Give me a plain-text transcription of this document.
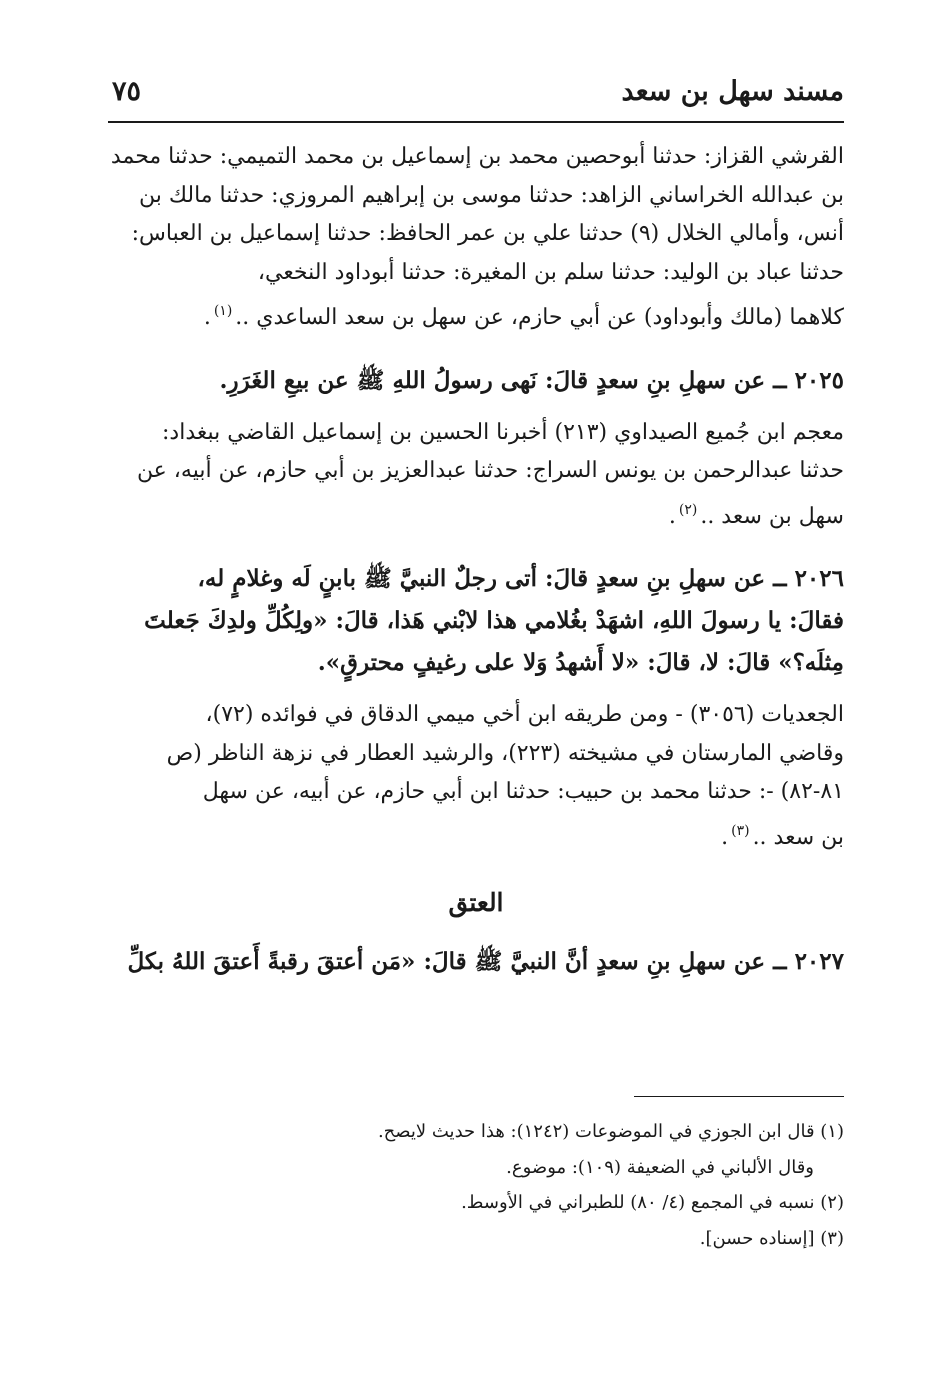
مسند سهل بن سعد
٧٥
القرشي القزاز: حدثنا أبوحصين محمد بن إسماعيل بن محمد التميمي: حدثنا محمد
بن عبدالله الخراساني الزاهد: حدثنا موسى بن إبراهيم المروزي: حدثنا مالك بن
أنس، وأمالي الخلال (٩) حدثنا علي بن عمر الحافظ: حدثنا إسماعيل بن العباس:
حدثنا عباد بن الوليد: حدثنا سلم بن المغيرة: حدثنا أبوداود النخعي،
كلاهما (مالك وأبوداود) عن أبي حازم، عن سهل بن سعد الساعدي ..$^{(١)}$.
٢٠٢٥ ــ عن سهلِ بنِ سعدٍ قالَ: نَهى رسولُ اللهِ ﷺ عن بيعِ الغَرَرِ.
معجم ابن جُميع الصيداوي (٢١٣) أخبرنا الحسين بن إسماعيل القاضي ببغداد:
حدثنا عبدالرحمن بن يونس السراج: حدثنا عبدالعزيز بن أبي حازم، عن أبيه، عن
سهل بن سعد ..$^{(٢)}$.
٢٠٢٦ ــ عن سهلِ بنِ سعدٍ قالَ: أتى رجلٌ النبيَّ ﷺ بابنٍ لَه وغلامٍ له،
فقالَ: يا رسولَ اللهِ، اشهَدْ بغُلامي هذا لابْني هَذا، قالَ: «ولِكُلِّ ولدِكَ جَعلتَ
مِثلَه؟» قالَ: لا، قالَ: «لا أَشهدُ وَلا على رغيفٍ محترقٍ».
الجعديات (٣٠٥٦) - ومن طريقه ابن أخي ميمي الدقاق في فوائده (٧٢)،
وقاضي المارستان في مشيخته (٢٢٣)، والرشيد العطار في نزهة الناظر (ص
٨١-٨٢) -: حدثنا محمد بن حبيب: حدثنا ابن أبي حازم، عن أبيه، عن سهل
بن سعد ..$^{(٣)}$.
العتق
٢٠٢٧ ــ عن سهلِ بنِ سعدٍ أنَّ النبيَّ ﷺ قالَ: «مَن أعتقَ رقبةً أَعتقَ اللهُ بكلِّ
(١) قال ابن الجوزي في الموضوعات (١٢٤٢): هذا حديث لايصح.
وقال الألباني في الضعيفة (١٠٩): موضوع.
(٢) نسبه في المجمع (٤/ ٨٠) للطبراني في الأوسط.
(٣) [إسناده حسن].
